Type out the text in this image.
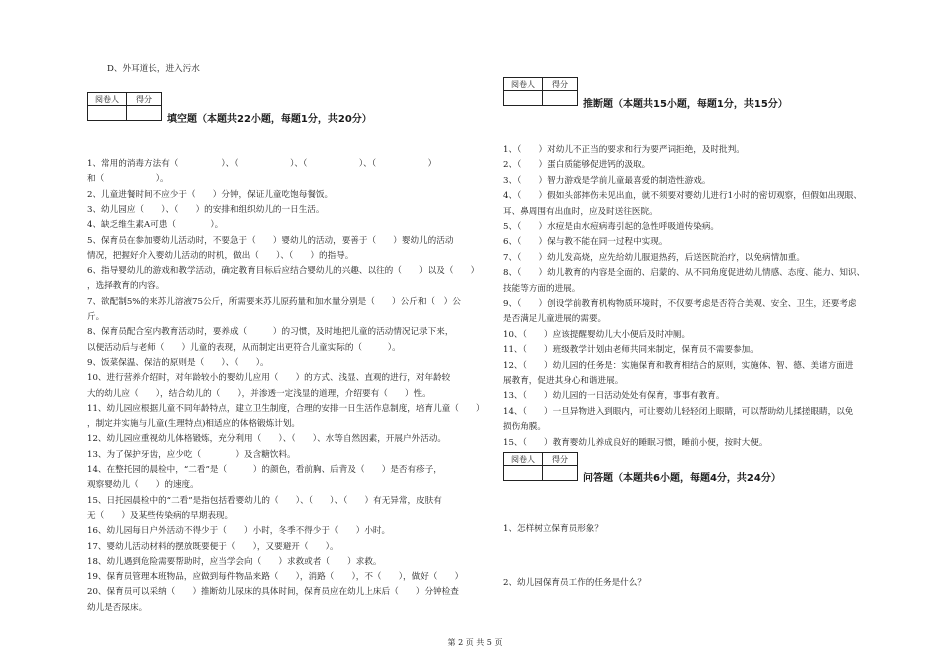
D、外耳道长，进入污水
阅卷人	得分

填空题（本题共22小题，每题1分，共20分）
1、常用的消毒方法有（　　　　　）、（　　　　　　）、（　　　　　　）、（　　　　　　）
和（　　　　　　）。
2、儿童进餐时间不应少于（　　）分钟，保证儿童吃饱每餐饭。
3、幼儿园应（　　）、（　　）的安排和组织幼儿的一日生活。
4、缺乏维生素A可患（　　　　）。
5、保育员在参加婴幼儿活动时，不要急于（　　）婴幼儿的活动，要善于（　　）婴幼儿的活动
情况，把握好介入婴幼儿活动的时机，做出（　　）、（　　）的指导。
6、指导婴幼儿的游戏和教学活动，确定教育目标后应结合婴幼儿的兴趣、以往的（　　）以及（　　）
，选择教育的内容。
7、欲配制5%的来苏儿溶液75公斤，所需要来苏儿原药量和加水量分别是（　　）公斤和（　）公
斤。
8、保育员配合室内教育活动时，要养成（　　　）的习惯，及时地把儿童的活动情况记录下来，
以便活动后与老师（　　）儿童的表现，从而制定出更符合儿童实际的（　　　）。
9、饭菜保温、保洁的原则是（　　）、（　　）。
10、进行营养介绍时，对年龄较小的婴幼儿应用（　　）的方式、浅显、直观的进行，对年龄较
大的幼儿应（　　），结合幼儿的（　　），并渗透一定浅显的道理，介绍要有（　　）性。
11、幼儿园应根据儿童不同年龄特点，建立卫生制度，合理的安排一日生活作息制度，培育儿童（　　）
，制定并实施与儿童(生理特点)相适应的体格锻炼计划。
12、幼儿园应重视幼儿体格锻炼，充分利用（　　）、（　　）、水等自然因素，开展户外活动。
13、为了保护牙齿，应少吃（　　　　）及含糖饮料。
14、在整托园的晨检中，“二看”是（　　　）的颜色，看前胸、后背及（　　）是否有疹子，
观察婴幼儿（　　）的速度。
15、日托园晨检中的“二看”是指包括看婴幼儿的（　　）、（　　）、（　　）有无异常，皮肤有
无（　　）及某些传染病的早期表现。
16、幼儿园每日户外活动不得少于（　　）小时，冬季不得少于（　　）小时。
17、婴幼儿活动材料的摆放既要便于（　　），又要避开（　　）。
18、幼儿遇到危险需要帮助时，应当学会向（　　）求救或者（　　）求救。
19、保育员管理本班物品，应做到每件物品来路（　　），消路（　　），不（　　），做好（　　）
20、保育员可以采纳（　　）推断幼儿尿床的具体时间，保育员应在幼儿上床后（　　）分钟检查
幼儿是否尿床。
阅卷人	得分

推断题（本题共15小题，每题1分，共15分）
1、（　　）对幼儿不正当的要求和行为要严词拒绝，及时批判。
2、（　　）蛋白质能够促进钙的汲取。
3、（　　）智力游戏是学前儿童最喜爱的制造性游戏。
4、（　　）假如头部摔伤未见出血，就不须要对婴幼儿进行1小时的密切观察，但假如出现眼、
耳、鼻周围有出血时，应及时送往医院。
5、（　　）水痘是由水痘病毒引起的急性呼吸道传染病。
6、（　　）保与教不能在同一过程中实现。
7、（　　）幼儿发高烧，应先给幼儿服退热药，后送医院治疗，以免病情加重。
8、（　　）幼儿教育的内容是全面的、启蒙的、从不同角度促进幼儿情感、态度、能力、知识、
技能等方面的进展。
9、（　　）创设学前教育机构物质环境时，不仅要考虑是否符合美观、安全、卫生，还要考虑
是否满足儿童进展的需要。
10、（　　）应该提醒婴幼儿大小便后及时冲厕。
11、（　　）班级教学计划由老师共同来制定，保育员不需要参加。
12、（　　）幼儿园的任务是：实施保育和教育相结合的原则，实施体、智、德、美诸方面进
展教育，促进其身心和谐进展。
13、（　　）幼儿园的一日活动处处有保育，事事有教育。
14、（　　）一旦异物进入到眼内，可让婴幼儿轻轻闭上眼睛，可以帮助幼儿揉搓眼睛，以免
损伤角膜。
15、（　　）教育婴幼儿养成良好的睡眠习惯，睡前小便，按时大便。
阅卷人	得分

问答题（本题共6小题，每题4分，共24分）
1、怎样树立保育员形象？
2、幼儿园保育员工作的任务是什么？
第 2 页 共 5 页
